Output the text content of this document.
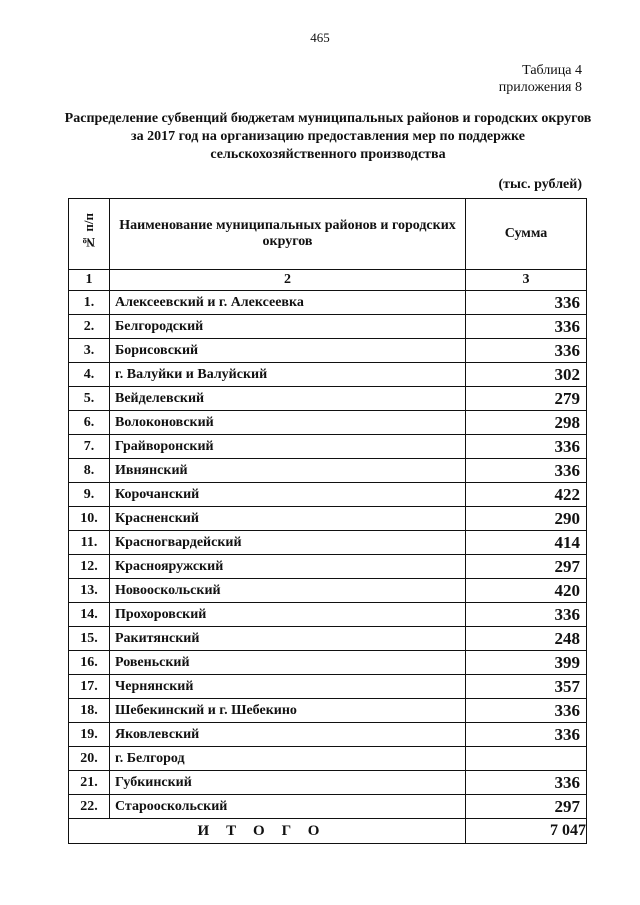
465
Таблица 4
приложения 8
Распределение субвенций бюджетам муниципальных районов и городских округов за 2017 год на организацию предоставления мер по поддержке сельскохозяйственного производства
(тыс. рублей)
№ п/п	Наименование муниципальных районов и городских округов	Сумма
1	2	3
1.	Алексеевский и г. Алексеевка	336
2.	Белгородский	336
3.	Борисовский	336
4.	г. Валуйки и Валуйский	302
5.	Вейделевский	279
6.	Волоконовский	298
7.	Грайворонский	336
8.	Ивнянский	336
9.	Корочанский	422
10.	Красненский	290
11.	Красногвардейский	414
12.	Краснояружский	297
13.	Новооскольский	420
14.	Прохоровский	336
15.	Ракитянский	248
16.	Ровеньский	399
17.	Чернянский	357
18.	Шебекинский и г. Шебекино	336
19.	Яковлевский	336
20.	г. Белгород	
21.	Губкинский	336
22.	Старооскольский	297
ИТОГО		7 047
